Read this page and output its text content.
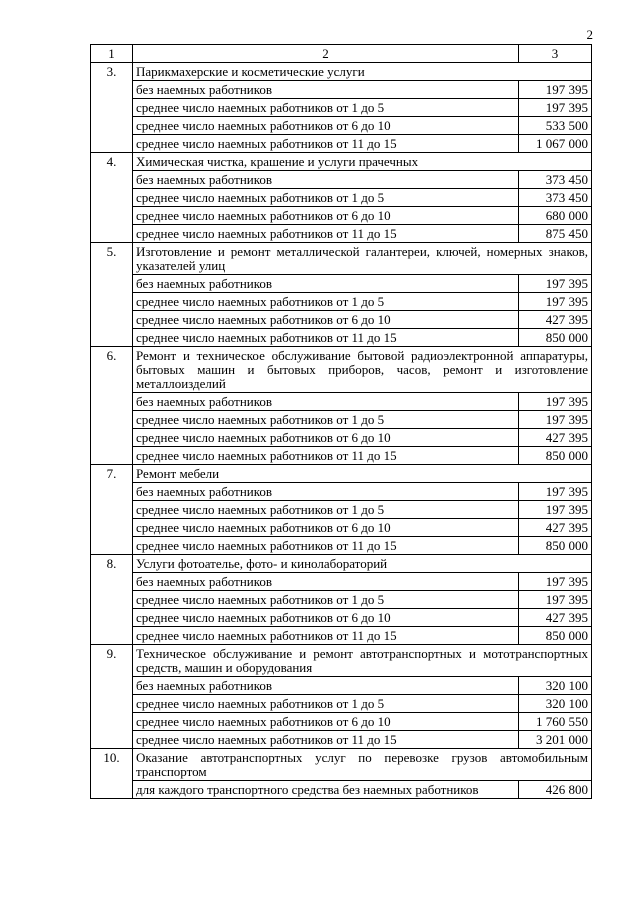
2
1	2	3
3.	Парикмахерские и косметические услуги	
	без наемных работников	197 395
	среднее число наемных работников от 1 до 5	197 395
	среднее число наемных работников от 6 до 10	533 500
	среднее число наемных работников от 11 до 15	1 067 000
4.	Химическая чистка, крашение и услуги прачечных	
	без наемных работников	373 450
	среднее число наемных работников от 1 до 5	373 450
	среднее число наемных работников от 6 до 10	680 000
	среднее число наемных работников от 11 до 15	875 450
5.	Изготовление и ремонт металлической галантереи, ключей, номерных знаков, указателей улиц	
	без наемных работников	197 395
	среднее число наемных работников от 1 до 5	197 395
	среднее число наемных работников от 6 до 10	427 395
	среднее число наемных работников от 11 до 15	850 000
6.	Ремонт и техническое обслуживание бытовой радиоэлектронной аппаратуры, бытовых машин и бытовых приборов, часов, ремонт и изготовление металлоизделий	
	без наемных работников	197 395
	среднее число наемных работников от 1 до 5	197 395
	среднее число наемных работников от 6 до 10	427 395
	среднее число наемных работников от 11 до 15	850 000
7.	Ремонт мебели	
	без наемных работников	197 395
	среднее число наемных работников от 1 до 5	197 395
	среднее число наемных работников от 6 до 10	427 395
	среднее число наемных работников от 11 до 15	850 000
8.	Услуги фотоателье, фото- и кинолабораторий	
	без наемных работников	197 395
	среднее число наемных работников от 1 до 5	197 395
	среднее число наемных работников от 6 до 10	427 395
	среднее число наемных работников от 11 до 15	850 000
9.	Техническое обслуживание и ремонт автотранспортных и мототранспортных средств, машин и оборудования	
	без наемных работников	320 100
	среднее число наемных работников от 1 до 5	320 100
	среднее число наемных работников от 6 до 10	1 760 550
	среднее число наемных работников от 11 до 15	3 201 000
10.	Оказание автотранспортных услуг по перевозке грузов автомобильным транспортом	
	для каждого транспортного средства без наемных работников	426 800
